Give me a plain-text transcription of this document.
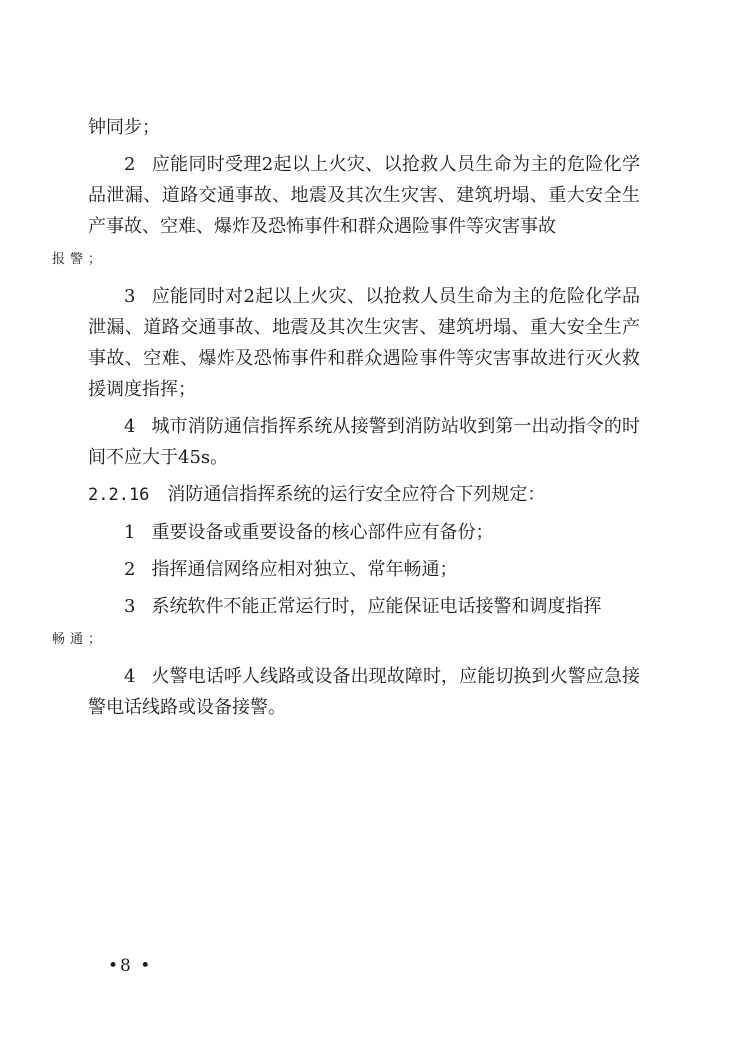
钟同步；

2 应能同时受理2起以上火灾、以抢救人员生命为主的危险化学品泄漏、道路交通事故、地震及其次生灾害、建筑坍塌、重大安全生产事故、空难、爆炸及恐怖事件和群众遇险事件等灾害事故
报警；

3 应能同时对2起以上火灾、以抢救人员生命为主的危险化学品泄漏、道路交通事故、地震及其次生灾害、建筑坍塌、重大安全生产事故、空难、爆炸及恐怖事件和群众遇险事件等灾害事故进行灭火救援调度指挥；

4 城市消防通信指挥系统从接警到消防站收到第一出动指令的时间不应大于45s。

2.2.16 消防通信指挥系统的运行安全应符合下列规定：

1 重要设备或重要设备的核心部件应有备份；

2 指挥通信网络应相对独立、常年畅通；

3 系统软件不能正常运行时，应能保证电话接警和调度指挥
畅通；

4 火警电话呼人线路或设备出现故障时，应能切换到火警应急接警电话线路或设备接警。

•8 •
